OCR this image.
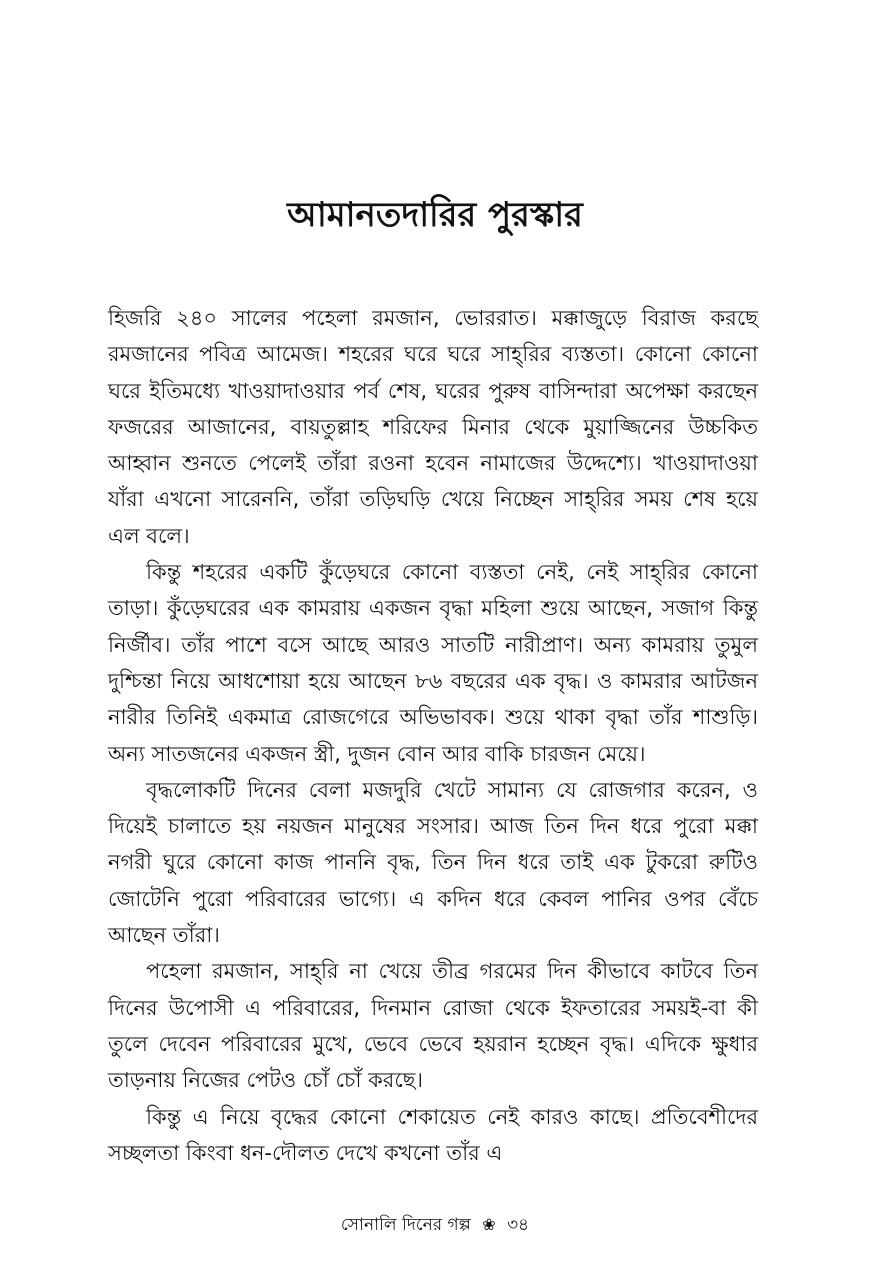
আমানতদারির পুরস্কার

হিজরি ২৪০ সালের পহেলা রমজান, ভোররাত। মক্কাজুড়ে বিরাজ করছে রমজানের পবিত্র আমেজ। শহরের ঘরে ঘরে সাহ্‌রির ব্যস্ততা। কোনো কোনো ঘরে ইতিমধ্যে খাওয়াদাওয়ার পর্ব শেষ, ঘরের পুরুষ বাসিন্দারা অপেক্ষা করছেন ফজরের আজানের, বায়তুল্লাহ শরিফের মিনার থেকে মুয়াজ্জিনের উচ্চকিত আহ্বান শুনতে পেলেই তাঁরা রওনা হবেন নামাজের উদ্দেশ্যে। খাওয়াদাওয়া যাঁরা এখনো সারেননি, তাঁরা তড়িঘড়ি খেয়ে নিচ্ছেন সাহ্‌রির সময় শেষ হয়ে এল বলে।

কিন্তু শহরের একটি কুঁড়েঘরে কোনো ব্যস্ততা নেই, নেই সাহ্‌রির কোনো তাড়া। কুঁড়েঘরের এক কামরায় একজন বৃদ্ধা মহিলা শুয়ে আছেন, সজাগ কিন্তু নির্জীব। তাঁর পাশে বসে আছে আরও সাতটি নারীপ্রাণ। অন্য কামরায় তুমুল দুশ্চিন্তা নিয়ে আধশোয়া হয়ে আছেন ৮৬ বছরের এক বৃদ্ধ। ও কামরার আটজন নারীর তিনিই একমাত্র রোজগেরে অভিভাবক। শুয়ে থাকা বৃদ্ধা তাঁর শাশুড়ি। অন্য সাতজনের একজন স্ত্রী, দুজন বোন আর বাকি চারজন মেয়ে।

বৃদ্ধলোকটি দিনের বেলা মজদুরি খেটে সামান্য যে রোজগার করেন, ও দিয়েই চালাতে হয় নয়জন মানুষের সংসার। আজ তিন দিন ধরে পুরো মক্কা নগরী ঘুরে কোনো কাজ পাননি বৃদ্ধ, তিন দিন ধরে তাই এক টুকরো রুটিও জোটেনি পুরো পরিবারের ভাগ্যে। এ কদিন ধরে কেবল পানির ওপর বেঁচে আছেন তাঁরা।

পহেলা রমজান, সাহ্‌রি না খেয়ে তীব্র গরমের দিন কীভাবে কাটবে তিন দিনের উপোসী এ পরিবারের, দিনমান রোজা থেকে ইফতারের সময়ই-বা কী তুলে দেবেন পরিবারের মুখে, ভেবে ভেবে হয়রান হচ্ছেন বৃদ্ধ। এদিকে ক্ষুধার তাড়নায় নিজের পেটও চোঁ চোঁ করছে।

কিন্তু এ নিয়ে বৃদ্ধের কোনো শেকায়েত নেই কারও কাছে। প্রতিবেশীদের সচ্ছলতা কিংবা ধন-দৌলত দেখে কখনো তাঁর এ

সোনালি দিনের গল্প ❀ ৩৪
